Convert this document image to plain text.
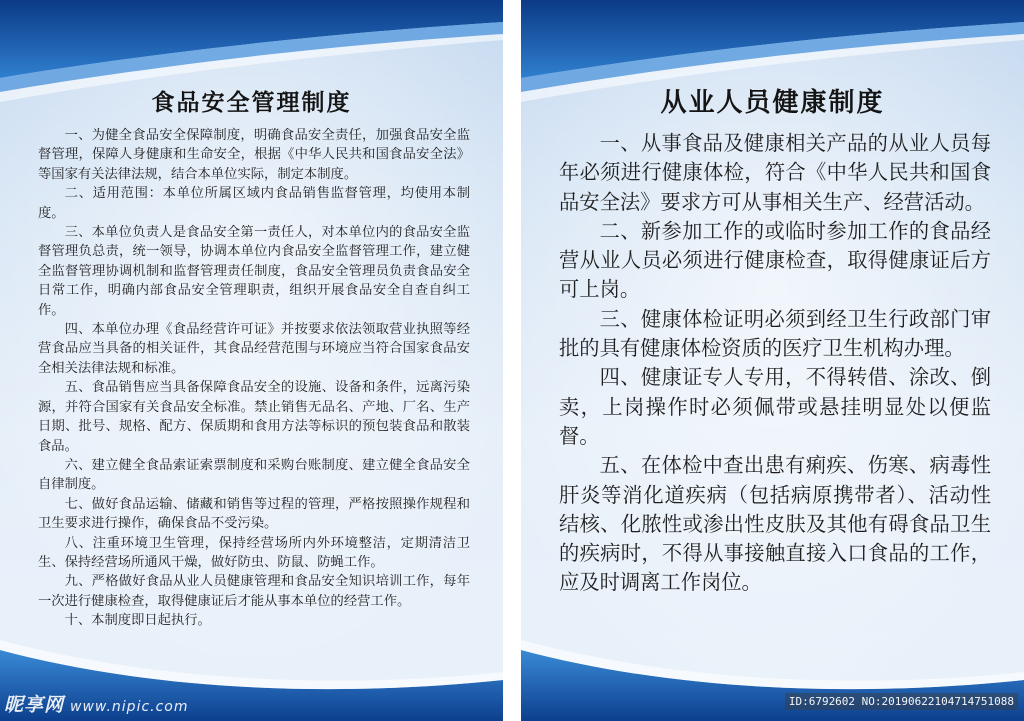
食品安全管理制度

一、为健全食品安全保障制度，明确食品安全责任，加强食品安全监督管理，保障人身健康和生命安全，根据《中华人民共和国食品安全法》等国家有关法律法规，结合本单位实际，制定本制度。

二、适用范围：本单位所属区域内食品销售监督管理，均使用本制度。

三、本单位负责人是食品安全第一责任人，对本单位内的食品安全监督管理负总责，统一领导，协调本单位内食品安全监督管理工作，建立健全监督管理协调机制和监督管理责任制度，食品安全管理员负责食品安全日常工作，明确内部食品安全管理职责，组织开展食品安全自查自纠工作。

四、本单位办理《食品经营许可证》并按要求依法领取营业执照等经营食品应当具备的相关证件，其食品经营范围与环境应当符合国家食品安全相关法律法规和标准。

五、食品销售应当具备保障食品安全的设施、设备和条件，远离污染源，并符合国家有关食品安全标准。禁止销售无品名、产地、厂名、生产日期、批号、规格、配方、保质期和食用方法等标识的预包装食品和散装食品。

六、建立健全食品索证索票制度和采购台账制度、建立健全食品安全自律制度。

七、做好食品运输、储藏和销售等过程的管理，严格按照操作规程和卫生要求进行操作，确保食品不受污染。

八、注重环境卫生管理，保持经营场所内外环境整洁，定期清洁卫生、保持经营场所通风干燥，做好防虫、防鼠、防蝇工作。

九、严格做好食品从业人员健康管理和食品安全知识培训工作，每年一次进行健康检查，取得健康证后才能从事本单位的经营工作。

十、本制度即日起执行。

昵享网 www.nipic.com
从业人员健康制度

一、从事食品及健康相关产品的从业人员每年必须进行健康体检，符合《中华人民共和国食品安全法》要求方可从事相关生产、经营活动。

二、新参加工作的或临时参加工作的食品经营从业人员必须进行健康检查，取得健康证后方可上岗。

三、健康体检证明必须到经卫生行政部门审批的具有健康体检资质的医疗卫生机构办理。

四、健康证专人专用，不得转借、涂改、倒卖，上岗操作时必须佩带或悬挂明显处以便监督。

五、在体检中查出患有痢疾、伤寒、病毒性肝炎等消化道疾病（包括病原携带者）、活动性结核、化脓性或渗出性皮肤及其他有碍食品卫生的疾病时，不得从事接触直接入口食品的工作，应及时调离工作岗位。

ID:6792602 NO:20190622104714751088
